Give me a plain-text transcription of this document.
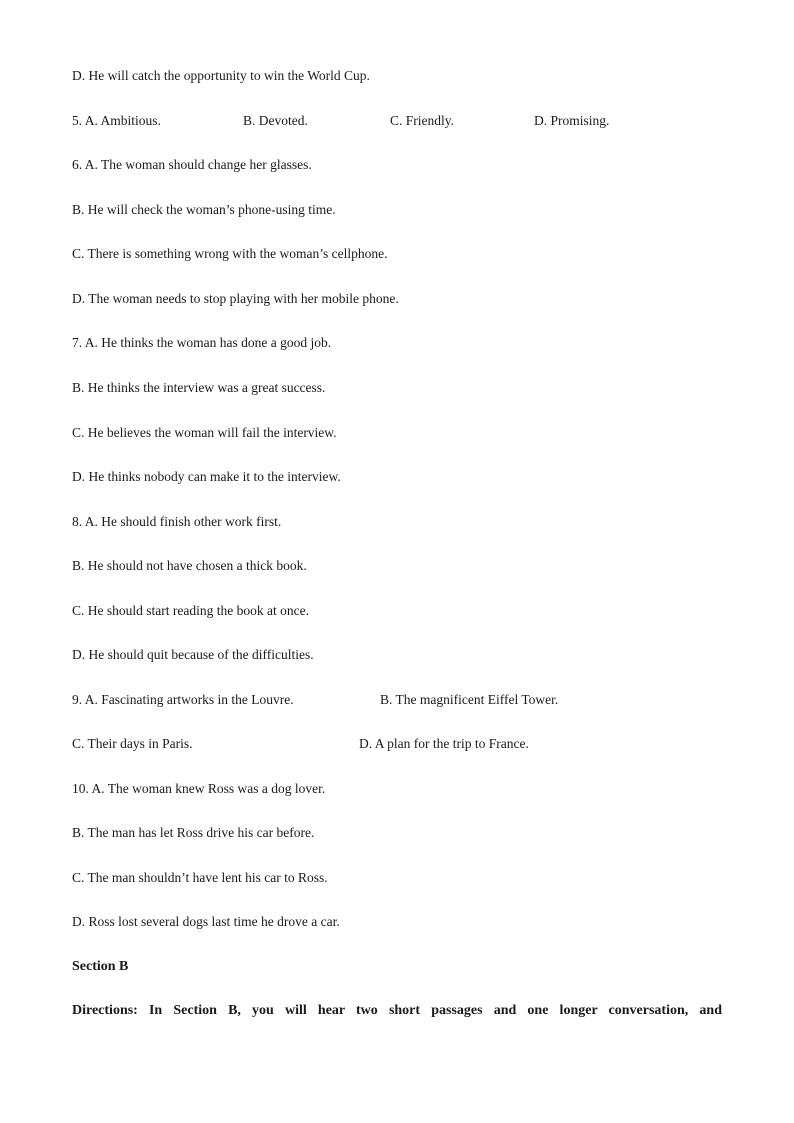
D. He will catch the opportunity to win the World Cup.
5. A. Ambitious.	B. Devoted.	C. Friendly.	D. Promising.
6. A. The woman should change her glasses.
B. He will check the woman’s phone-using time.
C. There is something wrong with the woman’s cellphone.
D. The woman needs to stop playing with her mobile phone.
7. A. He thinks the woman has done a good job.
B. He thinks the interview was a great success.
C. He believes the woman will fail the interview.
D. He thinks nobody can make it to the interview.
8. A. He should finish other work first.
B. He should not have chosen a thick book.
C. He should start reading the book at once.
D. He should quit because of the difficulties.
9. A. Fascinating artworks in the Louvre.	B. The magnificent Eiffel Tower.
C. Their days in Paris.	D. A plan for the trip to France.
10. A. The woman knew Ross was a dog lover.
B. The man has let Ross drive his car before.
C. The man shouldn’t have lent his car to Ross.
D. Ross lost several dogs last time he drove a car.
Section B
Directions: In Section B, you will hear two short passages and one longer conversation, and
